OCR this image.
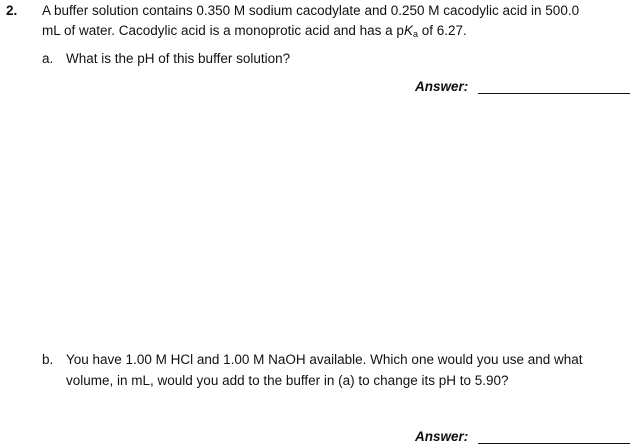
2. A buffer solution contains 0.350 M sodium cacodylate and 0.250 M cacodylic acid in 500.0
mL of water. Cacodylic acid is a monoprotic acid and has a $pK_a$ of 6.27.
a. What is the pH of this buffer solution?
Answer:
b. You have 1.00 M HCl and 1.00 M NaOH available. Which one would you use and what
volume, in mL, would you add to the buffer in (a) to change its pH to 5.90?
Answer:
